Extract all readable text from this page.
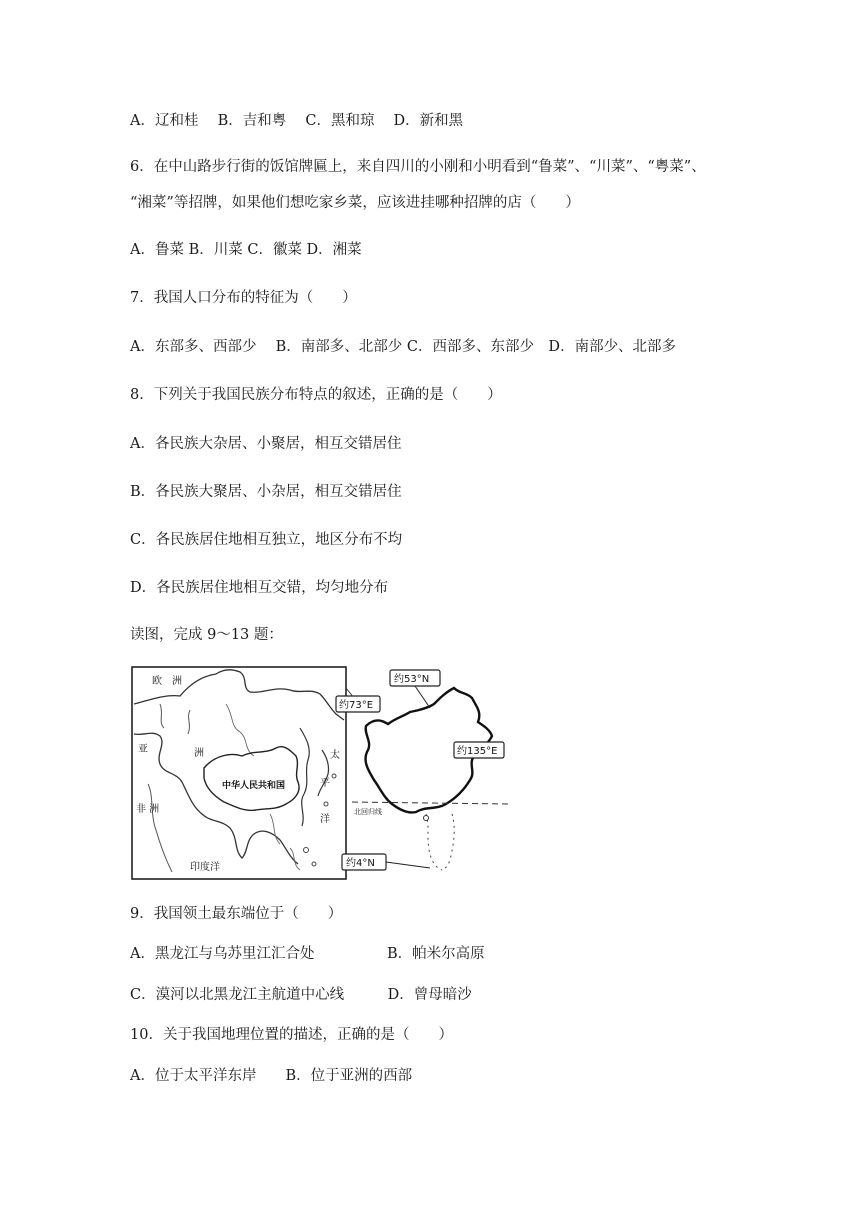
A．辽和桂　 B．吉和粤　 C．黑和琼　 D．新和黑
6．在中山路步行街的饭馆牌匾上，来自四川的小刚和小明看到“鲁菜”、“川菜”、“粤菜”、
“湘菜”等招牌，如果他们想吃家乡菜，应该进挂哪种招牌的店（　　）
A．鲁菜 B．川菜 C．徽菜 D．湘菜
7．我国人口分布的特征为（　　）
A．东部多、西部少　 B．南部多、北部少 C．西部多、东部少　D．南部少、北部多
8．下列关于我国民族分布特点的叙述，正确的是（　　）
A．各民族大杂居、小聚居，相互交错居住
B．各民族大聚居、小杂居，相互交错居住
C．各民族居住地相互独立，地区分布不均
D．各民族居住地相互交错，均匀地分布
读图，完成 9～13 题：
欧　洲
亚	洲
非 洲
印度洋
太
平
洋
中华人民共和国
约53°N
约73°E
约135°E
约4°N
北回归线
9．我国领土最东端位于（　　）
A．黑龙江与乌苏里江汇合处　　　　　B．帕米尔高原
C．漠河以北黑龙江主航道中心线　　　D．曾母暗沙
10．关于我国地理位置的描述，正确的是（　　）
A．位于太平洋东岸　　B．位于亚洲的西部
